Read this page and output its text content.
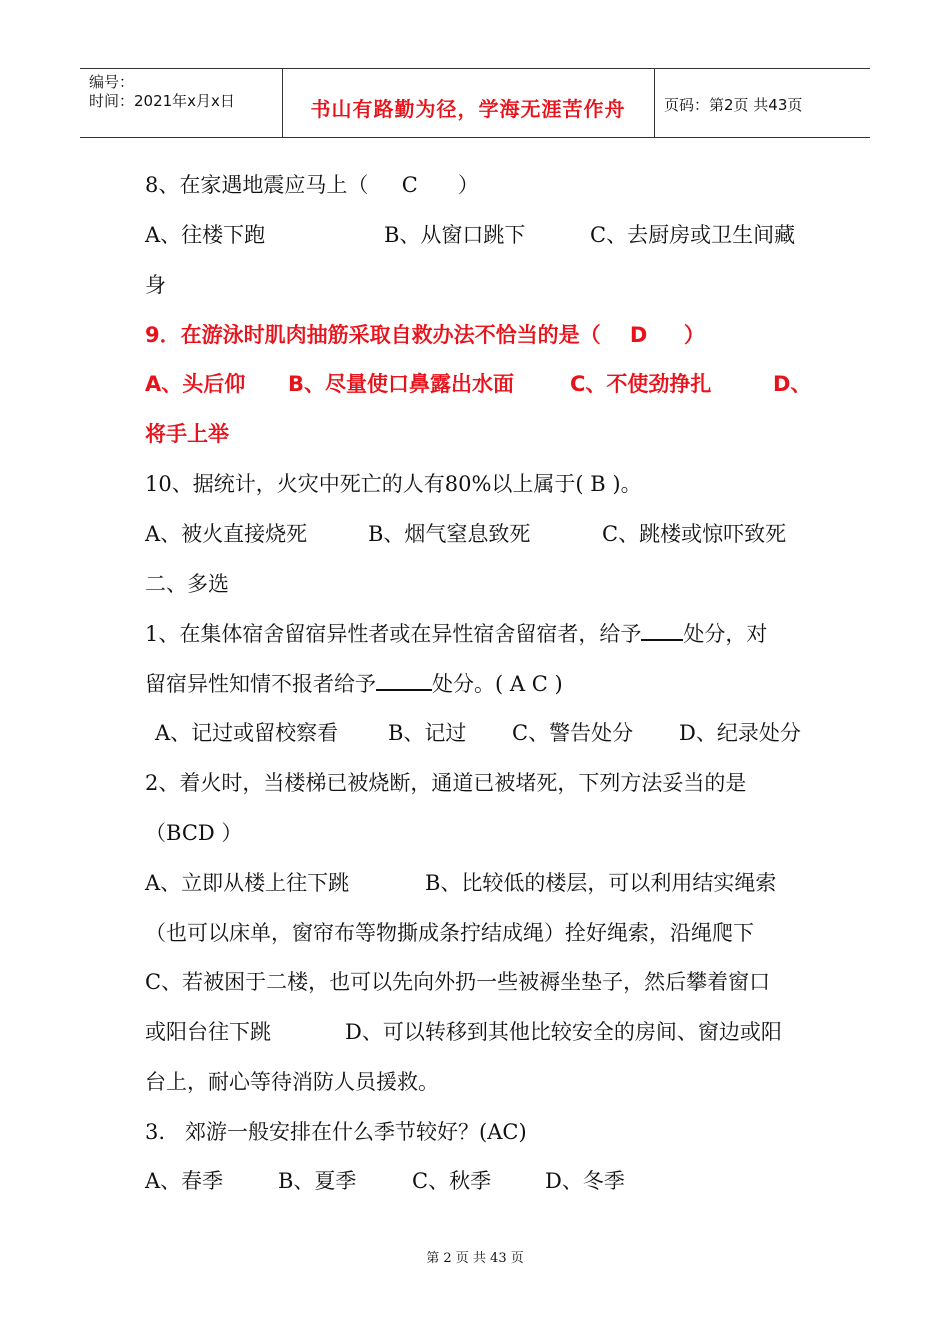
编号：
时间：2021年x月x日	书山有路勤为径，学海无涯苦作舟	页码：第2页 共43页
8、在家遇地震应马上（     C      ）
A、往楼下跑	B、从窗口跳下	C、去厨房或卫生间藏
身
9．在游泳时肌肉抽筋采取自救办法不恰当的是（    D     ）
A、头后仰 B、尽量使口鼻露出水面	C、不使劲挣扎	D、
将手上举
10、据统计，火灾中死亡的人有80%以上属于( B )。
A、被火直接烧死	B、烟气窒息致死	C、跳楼或惊吓致死
二、多选
1、在集体宿舍留宿异性者或在异性宿舍留宿者，给予 处分，对
留宿异性知情不报者给予	处分。( A C )
A、记过或留校察看 B、记过 C、警告处分 D、纪录处分
2、着火时，当楼梯已被烧断，通道已被堵死，下列方法妥当的是
（BCD ）
A、立即从楼上往下跳	B、比较低的楼层，可以利用结实绳索
（也可以床单，窗帘布等物撕成条拧结成绳）拴好绳索，沿绳爬下
C、若被困于二楼，也可以先向外扔一些被褥坐垫子，然后攀着窗口
或阳台往下跳	D、可以转移到其他比较安全的房间、窗边或阳
台上，耐心等待消防人员援救。
3.   郊游一般安排在什么季节较好？(AC)
A、春季	B、夏季	C、秋季	D、冬季
第 2 页 共 43 页
